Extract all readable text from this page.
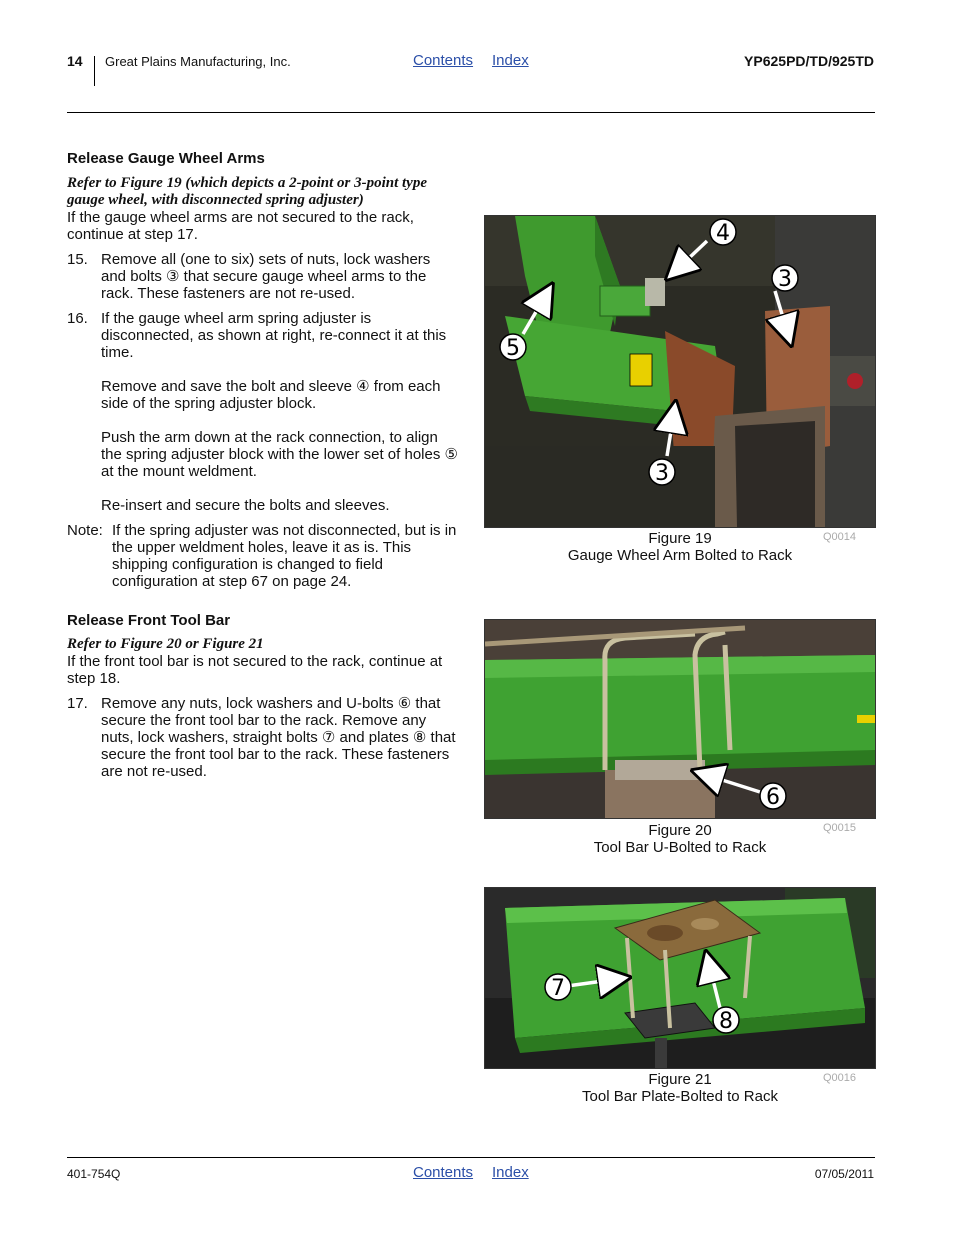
14 Great Plains Manufacturing, Inc.	Contents Index	YP625PD/TD/925TD
Release Gauge Wheel Arms
Refer to Figure 19 (which depicts a 2-point or 3-point type gauge wheel, with disconnected spring adjuster)
If the gauge wheel arms are not secured to the rack, continue at step 17.
15. Remove all (one to six) sets of nuts, lock washers and bolts ③ that secure gauge wheel arms to the rack. These fasteners are not re-used.
16. If the gauge wheel arm spring adjuster is disconnected, as shown at right, re-connect it at this time.
Remove and save the bolt and sleeve ④ from each side of the spring adjuster block.
Push the arm down at the rack connection, to align the spring adjuster block with the lower set of holes ⑤ at the mount weldment.
Re-insert and secure the bolts and sleeves.
Note: If the spring adjuster was not disconnected, but is in the upper weldment holes, leave it as is. This shipping configuration is changed to field configuration at step 67 on page 24.
Release Front Tool Bar
Refer to Figure 20 or Figure 21
If the front tool bar is not secured to the rack, continue at step 18.
17. Remove any nuts, lock washers and U-bolts ⑥ that secure the front tool bar to the rack. Remove any nuts, lock washers, straight bolts ⑦ and plates ⑧ that secure the front tool bar to the rack. These fasteners are not re-used.
4
3
5
3
Figure 19
Gauge Wheel Arm Bolted to Rack
Q0014
6
Figure 20
Tool Bar U-Bolted to Rack
Q0015
7
8
Figure 21
Tool Bar Plate-Bolted to Rack
Q0016
401-754Q	Contents Index	07/05/2011
